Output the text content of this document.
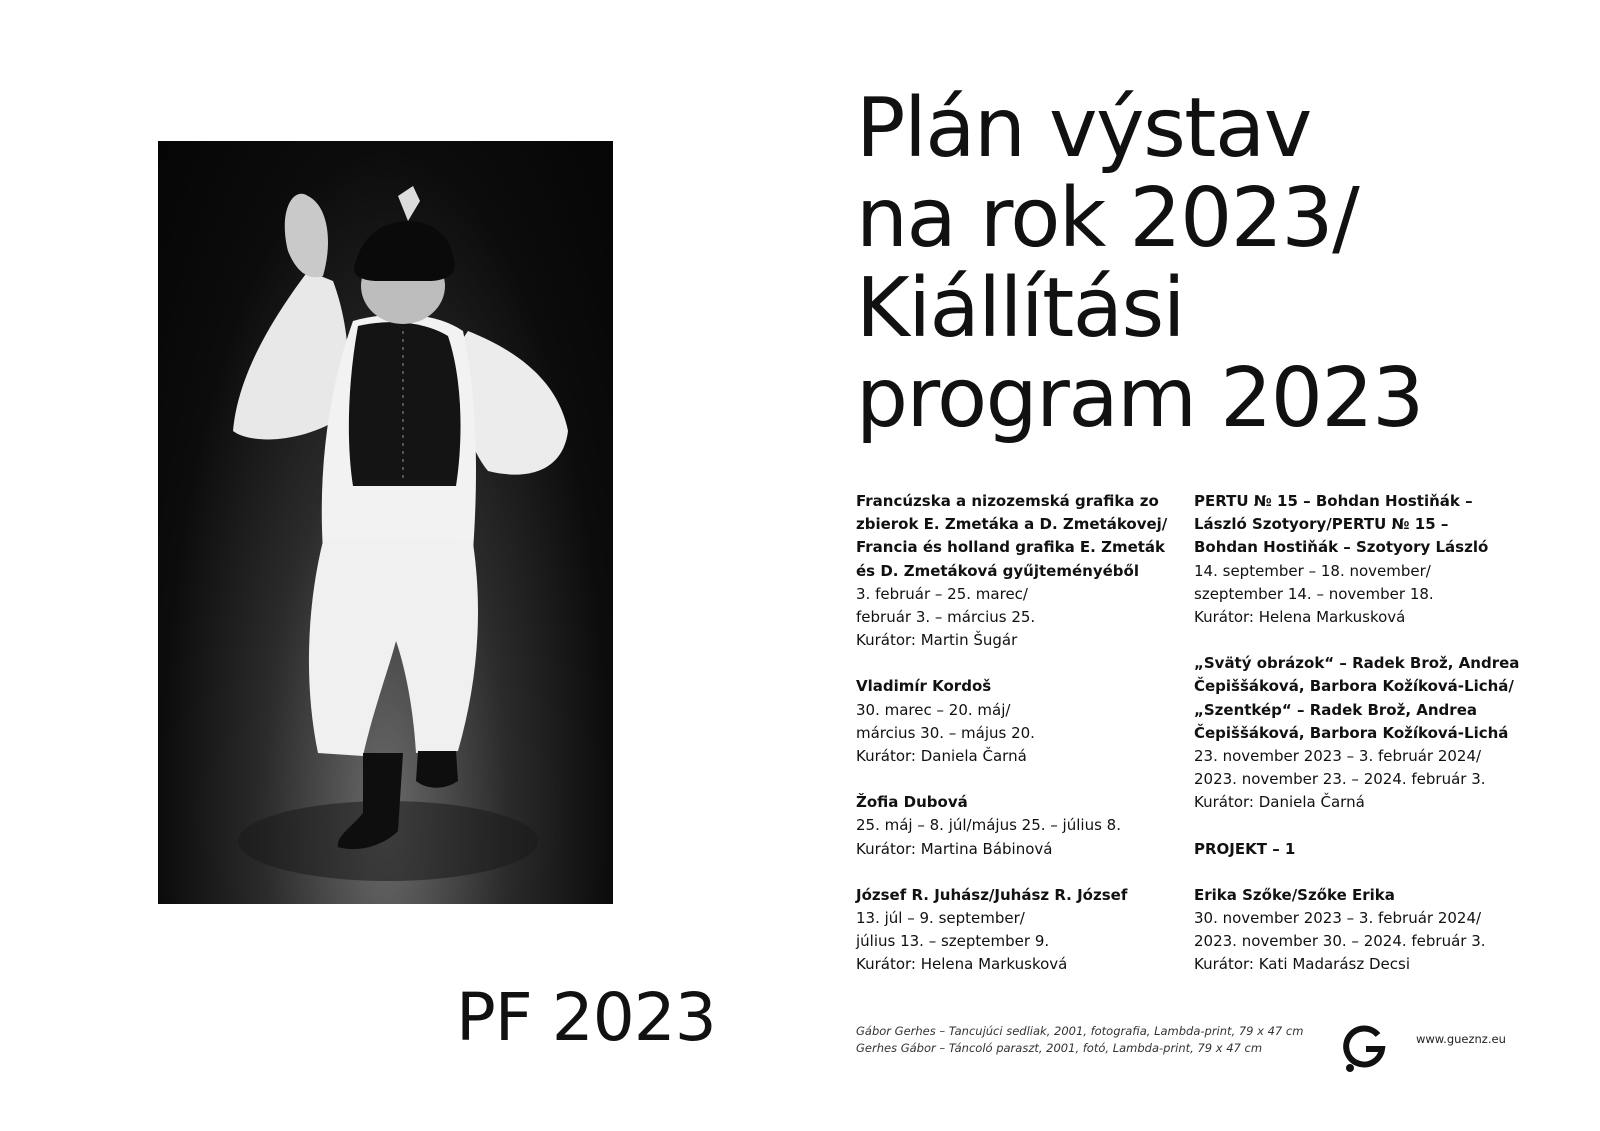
PF 2023
Plán výstav
na rok 2023/
Kiállítási
program 2023
Francúzska a nizozemská grafika zo
zbierok E. Zmetáka a D. Zmetákovej/
Francia és holland grafika E. Zmeták
és D. Zmetáková gyűjteményéből
3. február – 25. marec/
február 3. – március 25.
Kurátor: Martin Šugár
Vladimír Kordoš
30. marec – 20. máj/
március 30. – május 20.
Kurátor: Daniela Čarná
Žofia Dubová
25. máj – 8. júl/május 25. – július 8.
Kurátor: Martina Bábinová
József R. Juhász/Juhász R. József
13. júl – 9. september/
július 13. – szeptember 9.
Kurátor: Helena Markusková
PERTU № 15 – Bohdan Hostiňák –
László Szotyory/PERTU № 15 –
Bohdan Hostiňák – Szotyory László
14. september – 18. november/
szeptember 14. – november 18.
Kurátor: Helena Markusková
„Svätý obrázok“ – Radek Brož, Andrea
Čepiššáková, Barbora Kožíková-Lichá/
„Szentkép“ – Radek Brož, Andrea
Čepiššáková, Barbora Kožíková-Lichá
23. november 2023 – 3. február 2024/
2023. november 23. – 2024. február 3.
Kurátor: Daniela Čarná
PROJEKT – 1
Erika Szőke/Szőke Erika
30. november 2023 – 3. február 2024/
2023. november 30. – 2024. február 3.
Kurátor: Kati Madarász Decsi
Gábor Gerhes – Tancujúci sedliak, 2001, fotografia, Lambda-print, 79 x 47 cm
Gerhes Gábor – Táncoló paraszt, 2001, fotó, Lambda-print, 79 x 47 cm
www.gueznz.eu
